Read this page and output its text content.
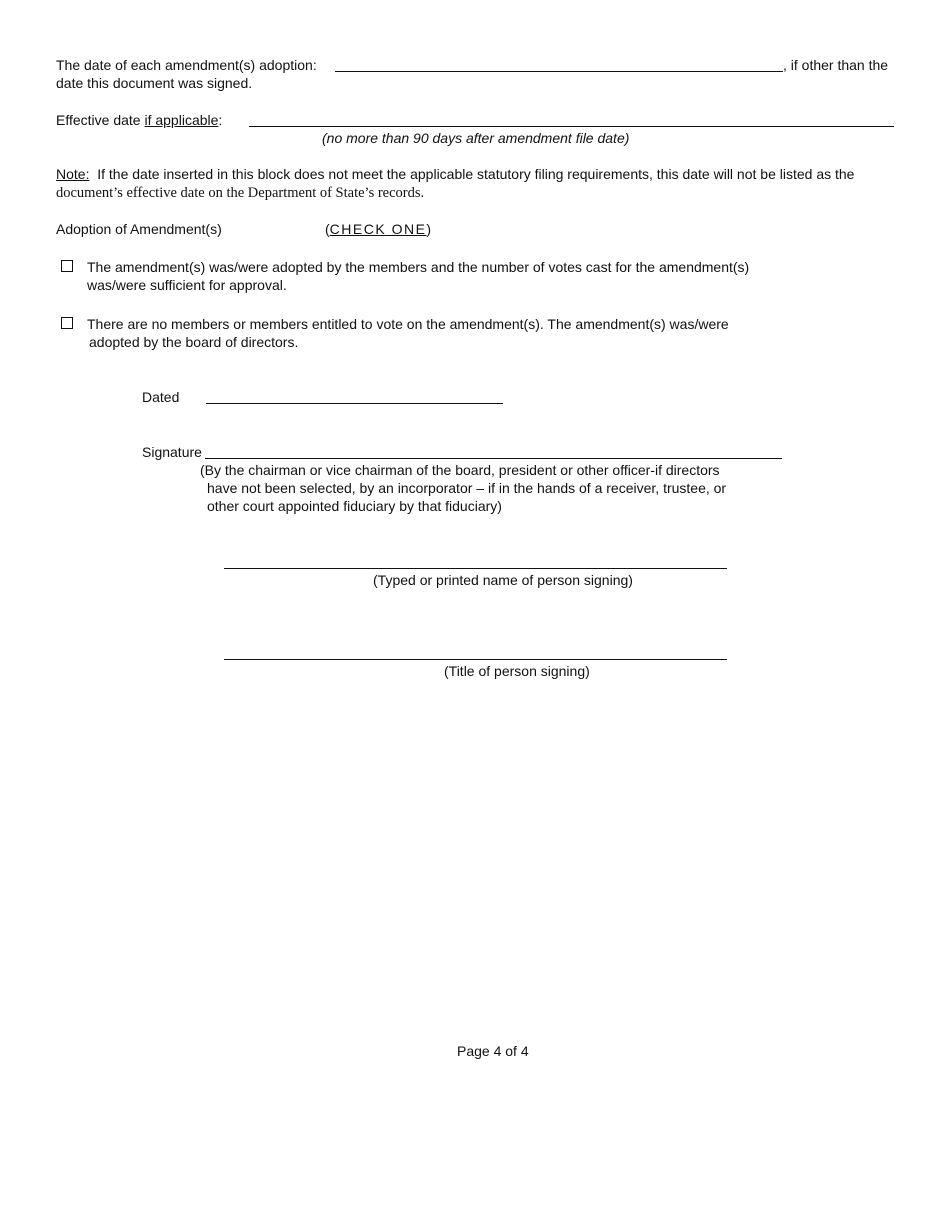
The date of each amendment(s) adoption:	, if other than the
date this document was signed.
Effective date if applicable:
(no more than 90 days after amendment file date)
Note: If the date inserted in this block does not meet the applicable statutory filing requirements, this date will not be listed as the
document’s effective date on the Department of State’s records.
Adoption of Amendment(s)	(CHECK ONE)
The amendment(s) was/were adopted by the members and the number of votes cast for the amendment(s)
was/were sufficient for approval.
There are no members or members entitled to vote on the amendment(s). The amendment(s) was/were
adopted by the board of directors.
Dated
Signature
(By the chairman or vice chairman of the board, president or other officer-if directors
have not been selected, by an incorporator – if in the hands of a receiver, trustee, or
other court appointed fiduciary by that fiduciary)
(Typed or printed name of person signing)
(Title of person signing)
Page 4 of 4
